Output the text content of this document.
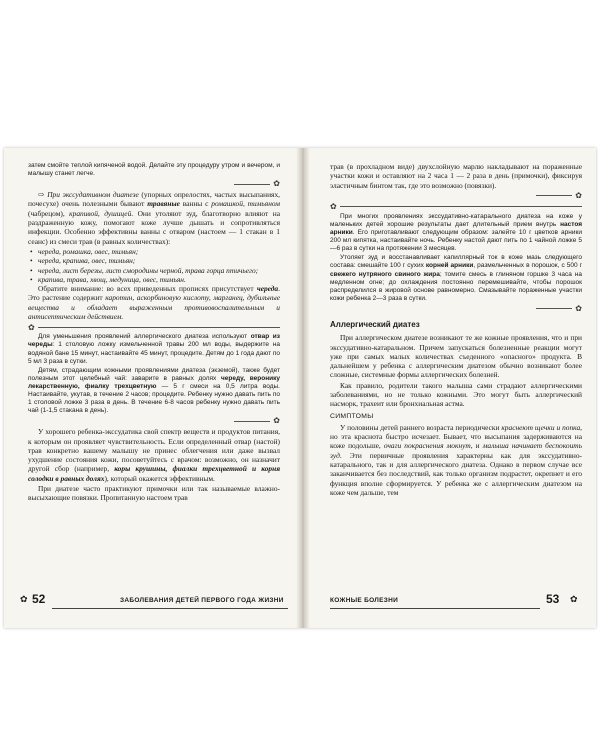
затем смойте теплой кипяченой водой. Делайте эту процедуру утром и вечером, и малышу станет легче.

✿

⇨ При экссудативном диатезе (упорных опрелостях, частых высыпаниях, почесухе) очень полезными бывают травяные ванны с ромашкой, тимьяном (чабрецом), крапивой, душицей. Они утоляют зуд, благотворно влияют на раздраженную кожу, помогают коже лучше дышать и сопротивляться инфекции. Особенно эффективны ванны с отваром (настоем — 1 стакан в 1 сеанс) из смеси трав (в равных количествах):

• череда, ромашка, овес, тимьян;
• череда, крапива, овес, тимьян;
• череда, лист березы, лист смородины черной, трава горца птичьего;
• крапива, трава, хвощ, медуница, овес, тимьян.

Обратите внимание: во всех приведенных прописях присутствует череда. Это растение содержит каротин, аскорбиновую кислоту, марганец, дубильные вещества и обладает выраженным противовоспалительным и антисептическим действием.

✿

Для уменьшения проявлений аллергического диатеза используют отвар из череды: 1 столовую ложку измельченной травы 200 мл воды, выдержите на водяной бане 15 минут, настаивайте 45 минут, процедите. Детям до 1 года дают по 5 мл 3 раза в сутки.

Детям, страдающим кожными проявлениями диатеза (экземой), также будет полезным этот целебный чай: заварите в равных долях череду, веронику лекарственную, фиалку трехцветную — 5 г смеси на 0,5 литра воды. Настаивайте, укутав, в течение 2 часов; процедите. Ребенку нужно давать пить по 1 столовой ложке 3 раза в день. В течение 6-8 часов ребенку нужно давать пить чай (1-1,5 стакана в день).

✿

У хорошего ребенка-экссудатика свой спектр веществ и продуктов питания, к которым он проявляет чувствительность. Если определенный отвар (настой) трав конкретно вашему малышу не принес облегчения или даже вызвал ухудшение состояния кожи, посоветуйтесь с врачом: возможно, он назначит другой сбор (например, коры крушины, фиалки трехцветной и корня солодки в равных долях), который окажется эффективным.

При диатезе часто практикуют примочки или так называемые влажно-высыхающие повязки. Пропитанную настоем трав

✿ 52	ЗАБОЛЕВАНИЯ ДЕТЕЙ ПЕРВОГО ГОДА ЖИЗНИ

трав (в прохладном виде) двухслойную марлю накладывают на пораженные участки кожи и оставляют на 2 часа 1 — 2 раза в день (примочки), фиксируя эластичным бинтом так, где это возможно (повязки).

✿
✿

При многих проявлениях экссудативно-катарального диатеза на коже у маленьких детей хорошие результаты дает длительный прием внутрь настоя арники. Его приготавливают следующим образом: залейте 10 г цветков арники 200 мл кипятка, настаивайте ночь. Ребенку настой дают пить по 1 чайной ложке 5—6 раз в сутки на протяжении 3 месяцев.

Утоляет зуд и восстанавливает капиллярный ток в коже мазь следующего состава: смешайте 100 г сухих корней арники, размельченных в порошок, с 500 г свежего нутряного свиного жира; томите смесь в глиняном горшке 3 часа на медленном огне; до охлаждения постоянно перемешивайте, чтобы порошок распределился в жировой основе равномерно. Смазывайте пораженные участки кожи ребенка 2—3 раза в сутки.

✿
Аллергический диатез

При аллергическом диатезе возникают те же кожные проявления, что и при экссудативно-катаральном. Причем запускаться болезненные реакции могут уже при самых малых количествах съеденного «опасного» продукта. В дальнейшем у ребенка с аллергическим диатезом обычно возникают более сложные, системные формы аллергических болезней.

Как правило, родители такого малыша сами страдают аллергическими заболеваниями, но не только кожными. Это могут быть аллергический насморк, трахеит или бронхиальная астма.

СИМПТОМЫ

У половины детей раннего возраста периодически краснеют щечки и попка, но эта краснота быстро исчезает. Бывает, что высыпания задерживаются на коже подольше, очаги покраснения мокнут, и малыша начинает беспокоить зуд. Эти первичные проявления характерны как для экссудативно-катарального, так и для аллергического диатеза. Однако в первом случае все заканчивается без последствий, как только организм подрастет, окрепнет и его функция вполне сформируется. У ребенка же с аллергическим диатезом на коже чем дальше, тем

КОЖНЫЕ БОЛЕЗНИ	53 ✿
